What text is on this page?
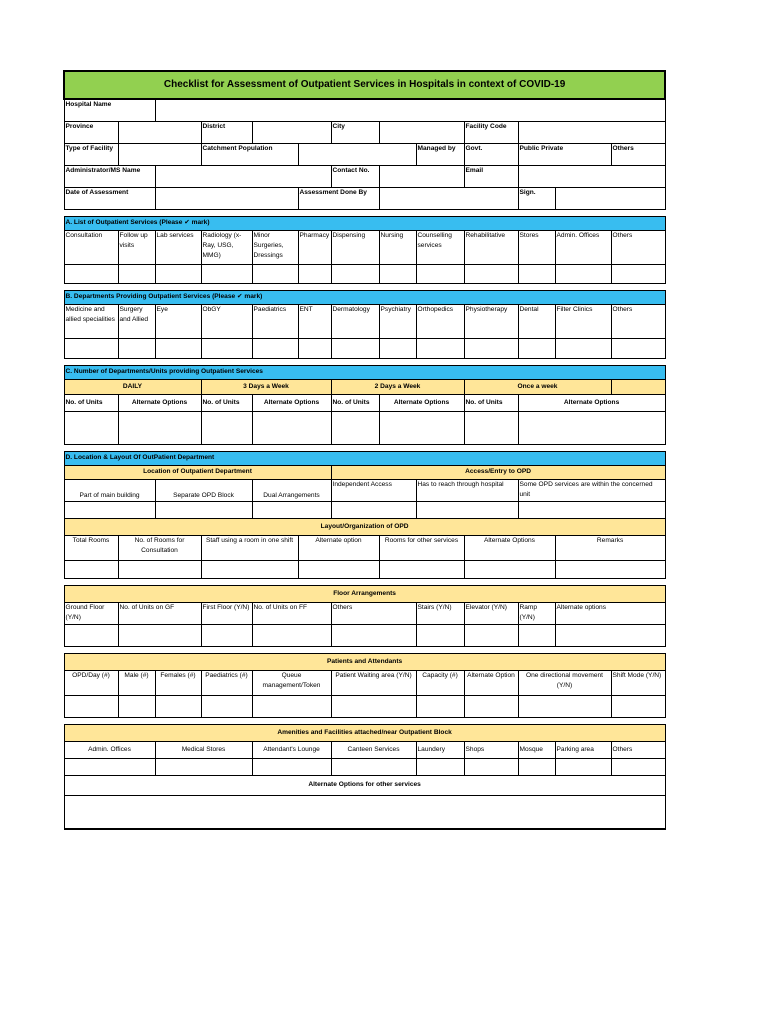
Checklist for Assessment of Outpatient Services in Hospitals in context of COVID-19												
Hospital Name												
Province			District			City			Facility Code			
Type of Facility			Catchment Population					Managed by	Govt.	Public Private		Others
Administrator/MS Name						Contact No.			Email			
Date of Assessment					Assessment Done By					Sign.		

A. List of Outpatient Services (Please ✔ mark)												
Consultation	Follow up visits	Lab services	Radiology (x-Ray, USG, MMG)	Minor Surgeries, Dressings	Pharmacy	Dispensing	Nursing	Counselling services	Rehabilitative	Stores	Admin. Offices	Others

B. Departments Providing Outpatient Services (Please ✔ mark)												
Medicine and allied specialities	Surgery and Allied	Eye	ObGY	Paediatrics	ENT	Dermatology	Psychiatry	Orthopedics	Physiotherapy	Dental	Filter Clinics	Others

C. Number of Departments/Units providing Outpatient Services												
DAILY			3 Days a Week			2 Days a Week			Once a week			
No. of Units	Alternate Options		No. of Units	Alternate Options		No. of Units	Alternate Options		No. of Units	Alternate Options		

D. Location & Layout Of OutPatient Department												
Location of Outpatient Department						Access/Entry to OPD						
Part of main building		Separate OPD Block		Dual Arrangements		Independent Access		Has to reach through hospital		Some OPD services are within the concerned unit		

Layout/Organization of OPD												
Total Rooms	No. of Rooms for Consultation		Staff using a room in one shift		Alternate option		Rooms for other services		Alternate Options		Remarks	

Floor Arrangements												
Ground Floor (Y/N)	No. of Units on GF		First Floor (Y/N)	No. of Units on FF		Others		Stairs (Y/N)	Elevator (Y/N)	Ramp (Y/N)	Alternate options	

Patients and Attendants												
OPD/Day (#)	Male (#)	Females (#)	Paediatrics (#)	Queue management/Token		Patient Waiting area (Y/N)		Capacity (#)	Alternate Option	One directional movement (Y/N)		Shift Mode (Y/N)

Amenities and Facilities attached/near Outpatient Block												
Admin. Offices		Medical Stores		Attendant's Lounge		Canteen Services		Laundery	Shops	Mosque	Parking area	Others

Alternate Options for other services												
